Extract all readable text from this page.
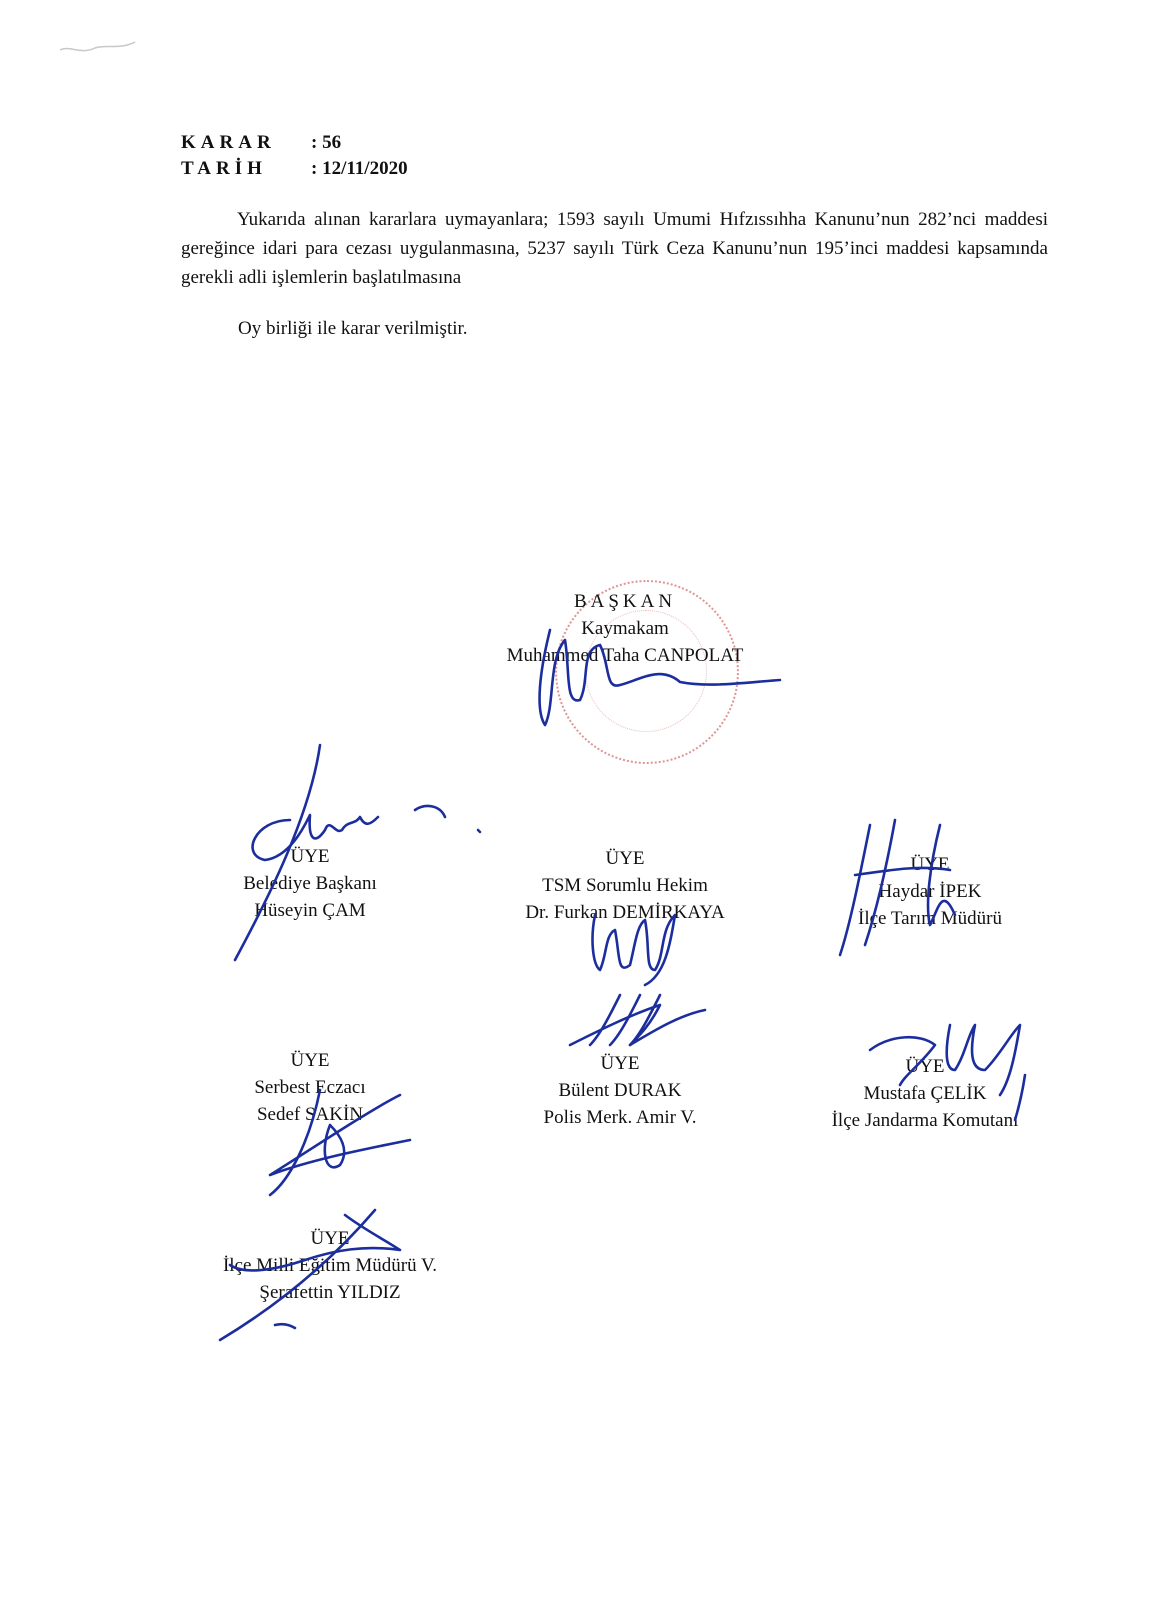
KARAR	: 56
TARİH	: 12/11/2020

Yukarıda alınan kararlara uymayanlara; 1593 sayılı Umumi Hıfzıssıhha Kanunu’nun 282’nci maddesi gereğince idari para cezası uygulanmasına, 5237 sayılı Türk Ceza Kanunu’nun 195’inci maddesi kapsamında gerekli adli işlemlerin başlatılmasına

Oy birliği ile karar verilmiştir.
BAŞKAN
Kaymakam
Muhammed Taha CANPOLAT
ÜYE
Belediye Başkanı
Hüseyin ÇAM
ÜYE
TSM Sorumlu Hekim
Dr. Furkan DEMİRKAYA
ÜYE
Haydar İPEK
İlçe Tarım Müdürü
ÜYE
Serbest Eczacı
Sedef SAKİN
ÜYE
Bülent DURAK
Polis Merk. Amir V.
ÜYE
Mustafa ÇELİK
İlçe Jandarma Komutanı
ÜYE
İlçe Milli Eğitim Müdürü V.
Şerafettin YILDIZ
